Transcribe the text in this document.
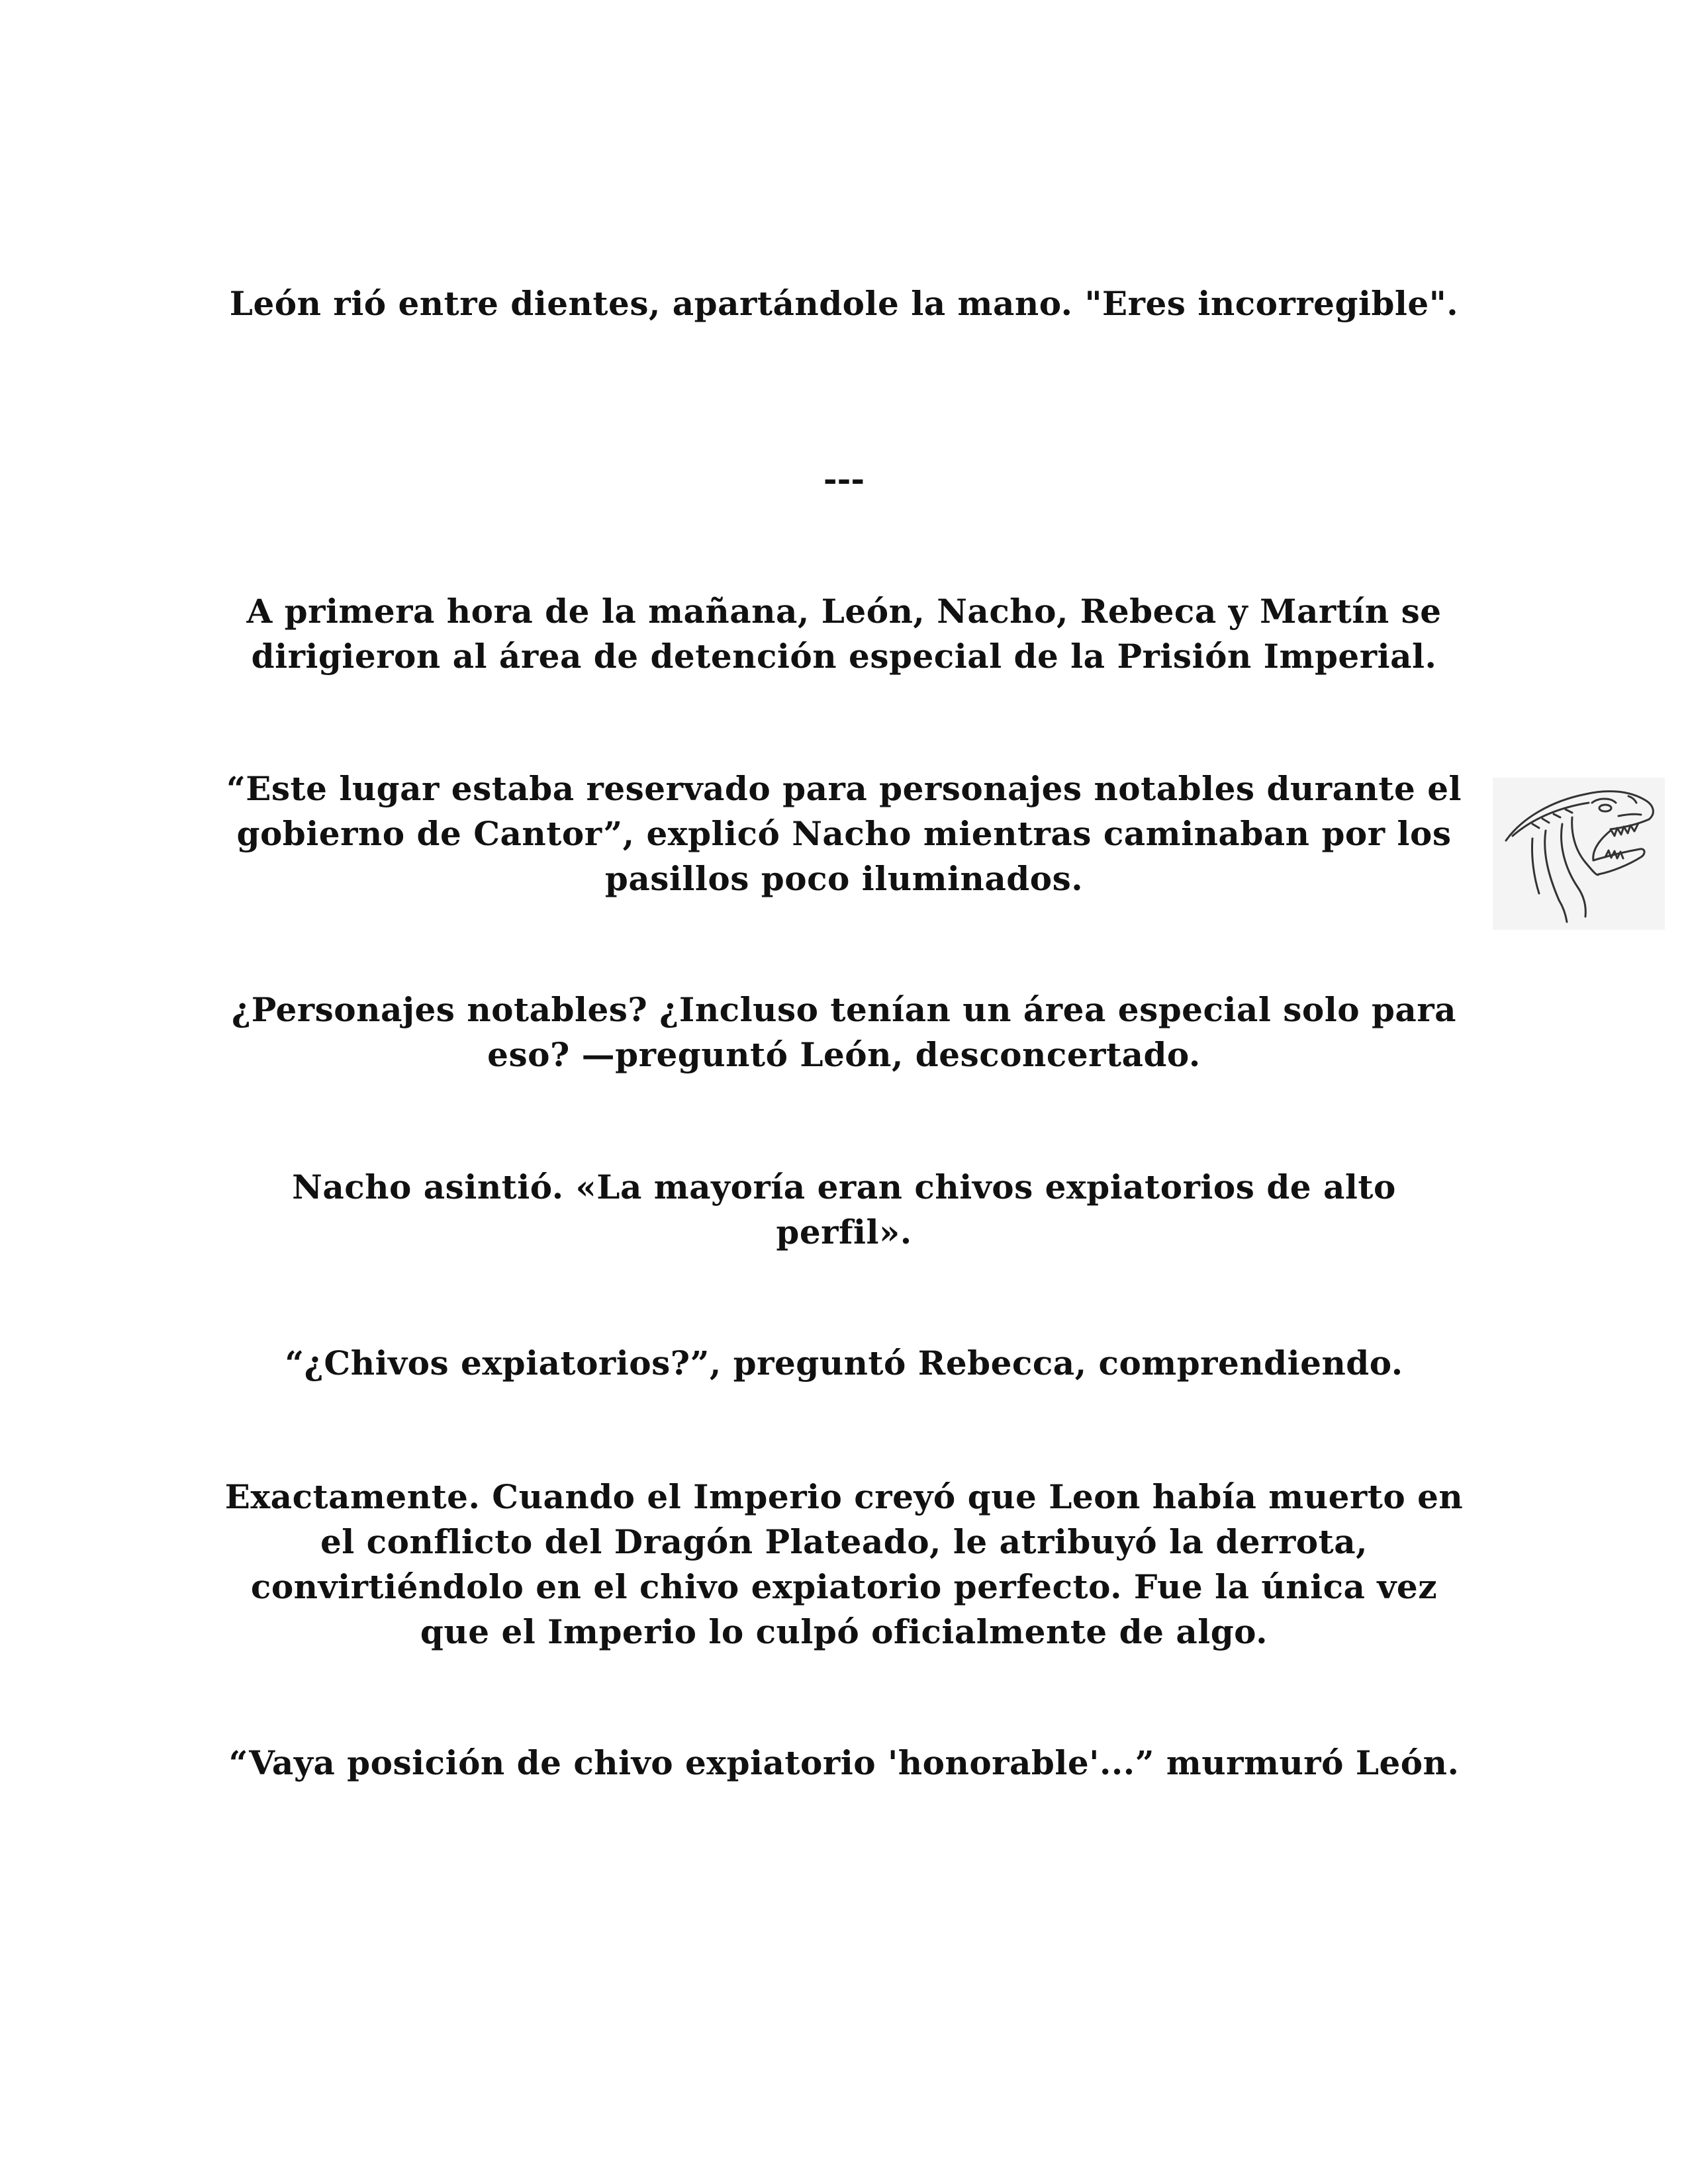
León rió entre dientes, apartándole la mano. "Eres incorregible".

---

A primera hora de la mañana, León, Nacho, Rebeca y Martín se dirigieron al área de detención especial de la Prisión Imperial.

“Este lugar estaba reservado para personajes notables durante el gobierno de Cantor”, explicó Nacho mientras caminaban por los pasillos poco iluminados.

¿Personajes notables? ¿Incluso tenían un área especial solo para eso? —preguntó León, desconcertado.

Nacho asintió. «La mayoría eran chivos expiatorios de alto perfil».

“¿Chivos expiatorios?”, preguntó Rebecca, comprendiendo.

Exactamente. Cuando el Imperio creyó que Leon había muerto en el conflicto del Dragón Plateado, le atribuyó la derrota, convirtiéndolo en el chivo expiatorio perfecto. Fue la única vez que el Imperio lo culpó oficialmente de algo.

“Vaya posición de chivo expiatorio 'honorable'...” murmuró León.
